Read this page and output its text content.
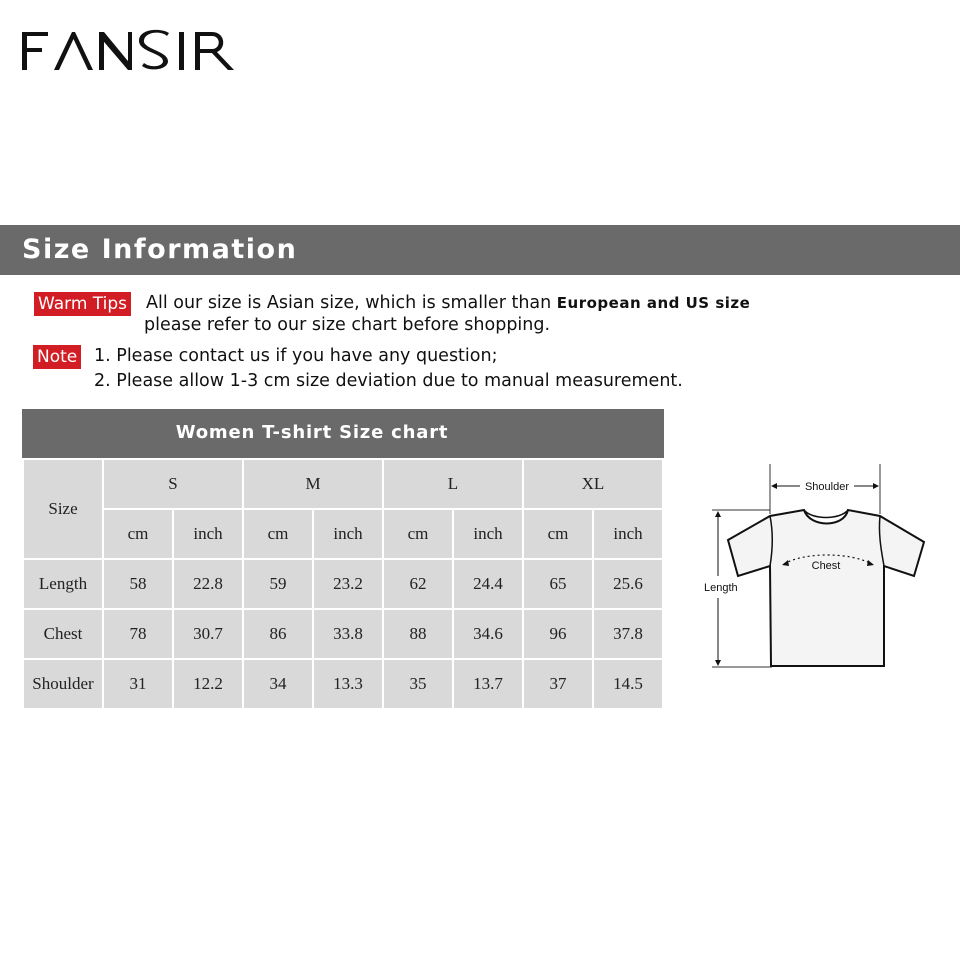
Size Information
Warm Tips All our size is Asian size, which is smaller than European and US size
please refer to our size chart before shopping.
Note 1. Please contact us if you have any question;
2. Please allow 1-3 cm size deviation due to manual measurement.
Women T-shirt Size chart
Size	S		M		L		XL	
	cm	inch	cm	inch	cm	inch	cm	inch
Length	58	22.8	59	23.2	62	24.4	65	25.6
Chest	78	30.7	86	33.8	88	34.6	96	37.8
Shoulder	31	12.2	34	13.3	35	13.7	37	14.5
Shoulder
Length
Chest
